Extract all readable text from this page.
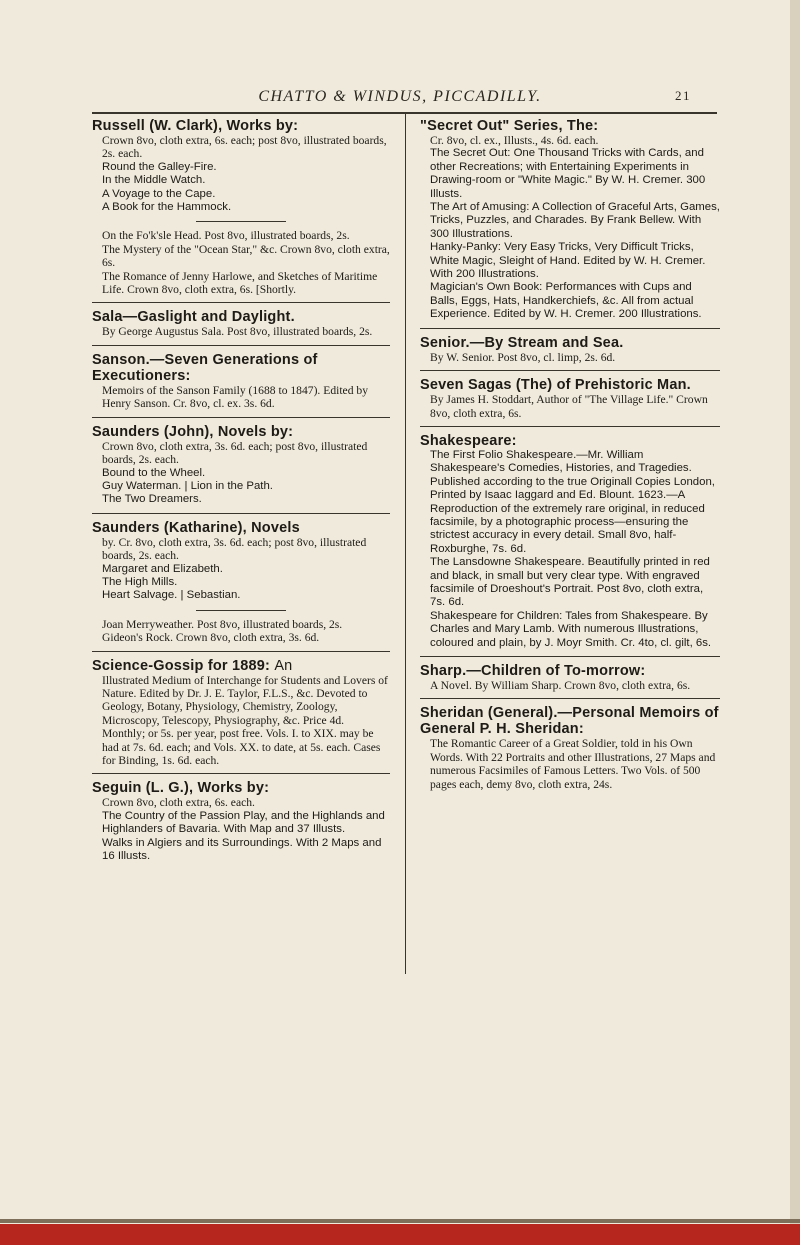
CHATTO & WINDUS, PICCADILLY.	21
Russell (W. Clark), Works by:
Crown 8vo, cloth extra, 6s. each; post 8vo, illustrated boards, 2s. each.
Round the Galley-Fire.
In the Middle Watch.
A Voyage to the Cape.
A Book for the Hammock.
On the Fo'k'sle Head. Post 8vo, illustrated boards, 2s.
The Mystery of the "Ocean Star," &c. Crown 8vo, cloth extra, 6s.
The Romance of Jenny Harlowe, and Sketches of Maritime Life. Crown 8vo, cloth extra, 6s. [Shortly.
Sala—Gaslight and Daylight.
By George Augustus Sala. Post 8vo, illustrated boards, 2s.
Sanson.—Seven Generations of Executioners:
Memoirs of the Sanson Family (1688 to 1847). Edited by Henry Sanson. Cr. 8vo, cl. ex. 3s. 6d.
Saunders (John), Novels by:
Crown 8vo, cloth extra, 3s. 6d. each; post 8vo, illustrated boards, 2s. each.
Bound to the Wheel.
Guy Waterman. | Lion in the Path.
The Two Dreamers.
Saunders (Katharine), Novels
by. Cr. 8vo, cloth extra, 3s. 6d. each; post 8vo, illustrated boards, 2s. each.
Margaret and Elizabeth.
The High Mills.
Heart Salvage. | Sebastian.
Joan Merryweather. Post 8vo, illustrated boards, 2s.
Gideon's Rock. Crown 8vo, cloth extra, 3s. 6d.
Science-Gossip for 1889: An
Illustrated Medium of Interchange for Students and Lovers of Nature. Edited by Dr. J. E. Taylor, F.L.S., &c. Devoted to Geology, Botany, Physiology, Chemistry, Zoology, Microscopy, Telescopy, Physiography, &c. Price 4d. Monthly; or 5s. per year, post free. Vols. I. to XIX. may be had at 7s. 6d. each; and Vols. XX. to date, at 5s. each. Cases for Binding, 1s. 6d. each.
Seguin (L. G.), Works by:
Crown 8vo, cloth extra, 6s. each.
The Country of the Passion Play, and the Highlands and Highlanders of Bavaria. With Map and 37 Illusts.
Walks in Algiers and its Surroundings. With 2 Maps and 16 Illusts.
"Secret Out" Series, The:
Cr. 8vo, cl. ex., Illusts., 4s. 6d. each.
The Secret Out: One Thousand Tricks with Cards, and other Recreations; with Entertaining Experiments in Drawing-room or "White Magic." By W. H. Cremer. 300 Illusts.
The Art of Amusing: A Collection of Graceful Arts, Games, Tricks, Puzzles, and Charades. By Frank Bellew. With 300 Illustrations.
Hanky-Panky: Very Easy Tricks, Very Difficult Tricks, White Magic, Sleight of Hand. Edited by W. H. Cremer. With 200 Illustrations.
Magician's Own Book: Performances with Cups and Balls, Eggs, Hats, Handkerchiefs, &c. All from actual Experience. Edited by W. H. Cremer. 200 Illustrations.
Senior.—By Stream and Sea.
By W. Senior. Post 8vo, cl. limp, 2s. 6d.
Seven Sagas (The) of Prehistoric Man.
By James H. Stoddart, Author of "The Village Life." Crown 8vo, cloth extra, 6s.
Shakespeare:
The First Folio Shakespeare.—Mr. William Shakespeare's Comedies, Histories, and Tragedies. Published according to the true Originall Copies London, Printed by Isaac Iaggard and Ed. Blount. 1623.—A Reproduction of the extremely rare original, in reduced facsimile, by a photographic process—ensuring the strictest accuracy in every detail. Small 8vo, half-Roxburghe, 7s. 6d.
The Lansdowne Shakespeare. Beautifully printed in red and black, in small but very clear type. With engraved facsimile of Droeshout's Portrait. Post 8vo, cloth extra, 7s. 6d.
Shakespeare for Children: Tales from Shakespeare. By Charles and Mary Lamb. With numerous Illustrations, coloured and plain, by J. Moyr Smith. Cr. 4to, cl. gilt, 6s.
Sharp.—Children of To-morrow:
A Novel. By William Sharp. Crown 8vo, cloth extra, 6s.
Sheridan (General).—Personal Memoirs of General P. H. Sheridan:
The Romantic Career of a Great Soldier, told in his Own Words. With 22 Portraits and other Illustrations, 27 Maps and numerous Facsimiles of Famous Letters. Two Vols. of 500 pages each, demy 8vo, cloth extra, 24s.
